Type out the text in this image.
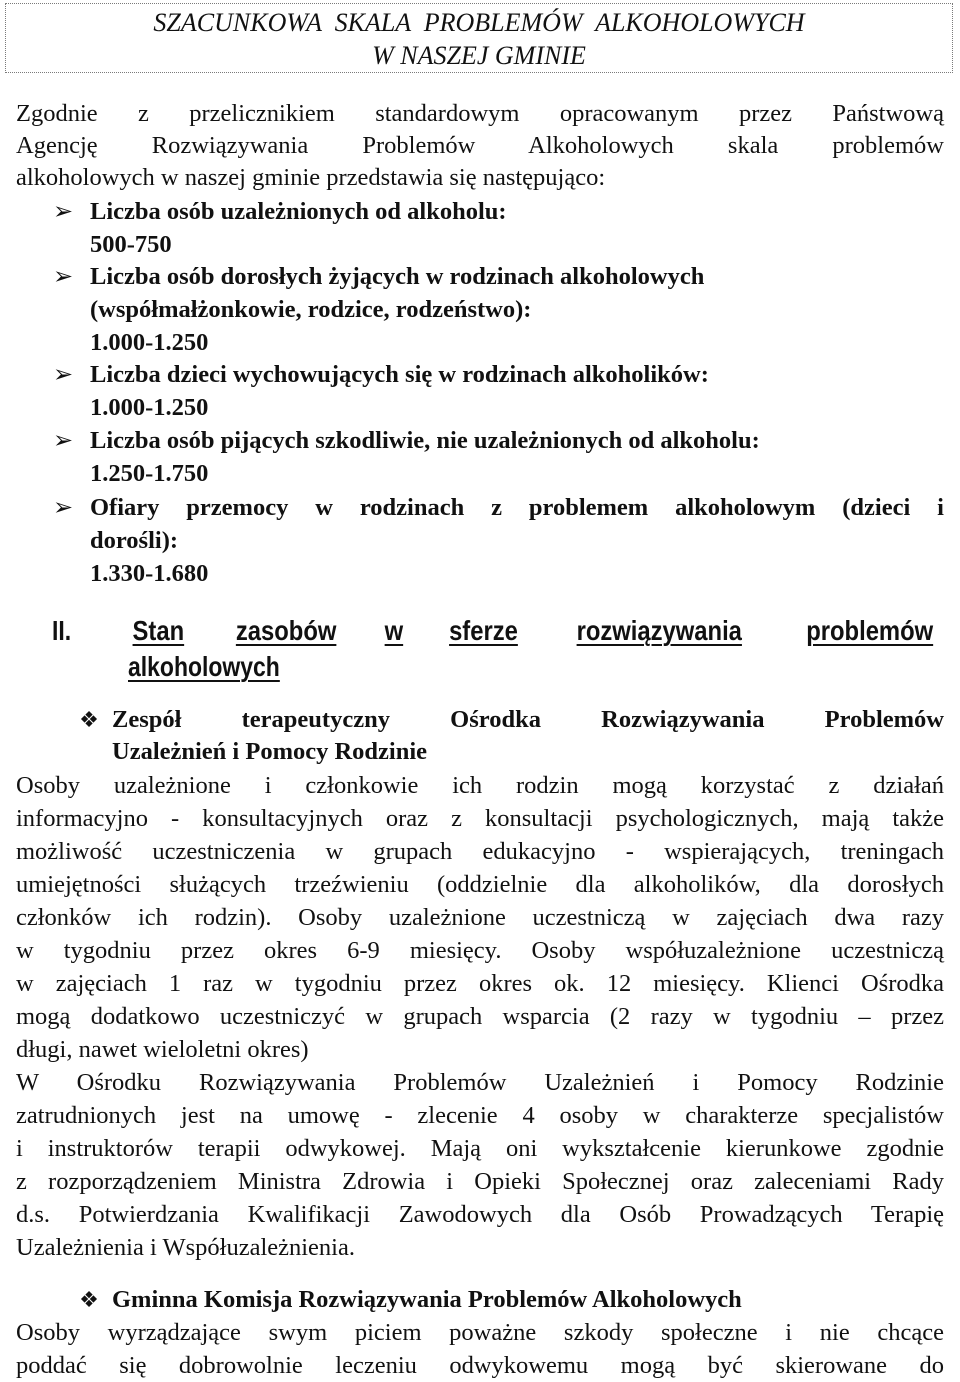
SZACUNKOWA  SKALA  PROBLEMÓW  ALKOHOLOWYCH
W NASZEJ GMINIE
Zgodnie z przelicznikiem standardowym opracowanym przez Państwową
Agencję Rozwiązywania Problemów Alkoholowych skala problemów
alkoholowych w naszej gminie przedstawia się następująco:
➢ Liczba osób uzależnionych od alkoholu:
500-750
➢ Liczba osób dorosłych żyjących w rodzinach alkoholowych
(współmałżonkowie, rodzice, rodzeństwo):
1.000-1.250
➢ Liczba dzieci wychowujących się w rodzinach alkoholików:
1.000-1.250
➢ Liczba osób pijących szkodliwie, nie uzależnionych od alkoholu:
1.250-1.750
➢ Ofiary przemocy w rodzinach z problemem alkoholowym (dzieci i
dorośli):
1.330-1.680
II. Stan zasobów w sferze rozwiązywania problemów
alkoholowych
❖ Zespół terapeutyczny Ośrodka Rozwiązywania Problemów
Uzależnień i Pomocy Rodzinie
Osoby uzależnione i członkowie ich rodzin mogą korzystać z działań
informacyjno - konsultacyjnych oraz z konsultacji psychologicznych, mają także
możliwość uczestniczenia w grupach edukacyjno - wspierających, treningach
umiejętności służących trzeźwieniu (oddzielnie dla alkoholików, dla dorosłych
członków ich rodzin). Osoby uzależnione uczestniczą w zajęciach dwa razy
w tygodniu przez okres 6-9 miesięcy. Osoby współuzależnione uczestniczą
w zajęciach 1 raz w tygodniu przez okres ok. 12 miesięcy. Klienci Ośrodka
mogą dodatkowo uczestniczyć w grupach wsparcia (2 razy w tygodniu – przez
długi, nawet wieloletni okres)
W Ośrodku Rozwiązywania Problemów Uzależnień i Pomocy Rodzinie
zatrudnionych jest na umowę - zlecenie 4 osoby w charakterze specjalistów
i instruktorów terapii odwykowej. Mają oni wykształcenie kierunkowe zgodnie
z rozporządzeniem Ministra Zdrowia i Opieki Społecznej oraz zaleceniami Rady
d.s. Potwierdzania Kwalifikacji Zawodowych dla Osób Prowadzących Terapię
Uzależnienia i Współuzależnienia.
❖ Gminna Komisja Rozwiązywania Problemów Alkoholowych
Osoby wyrządzające swym piciem poważne szkody społeczne i nie chcące
poddać się dobrowolnie leczeniu odwykowemu mogą być skierowane do
